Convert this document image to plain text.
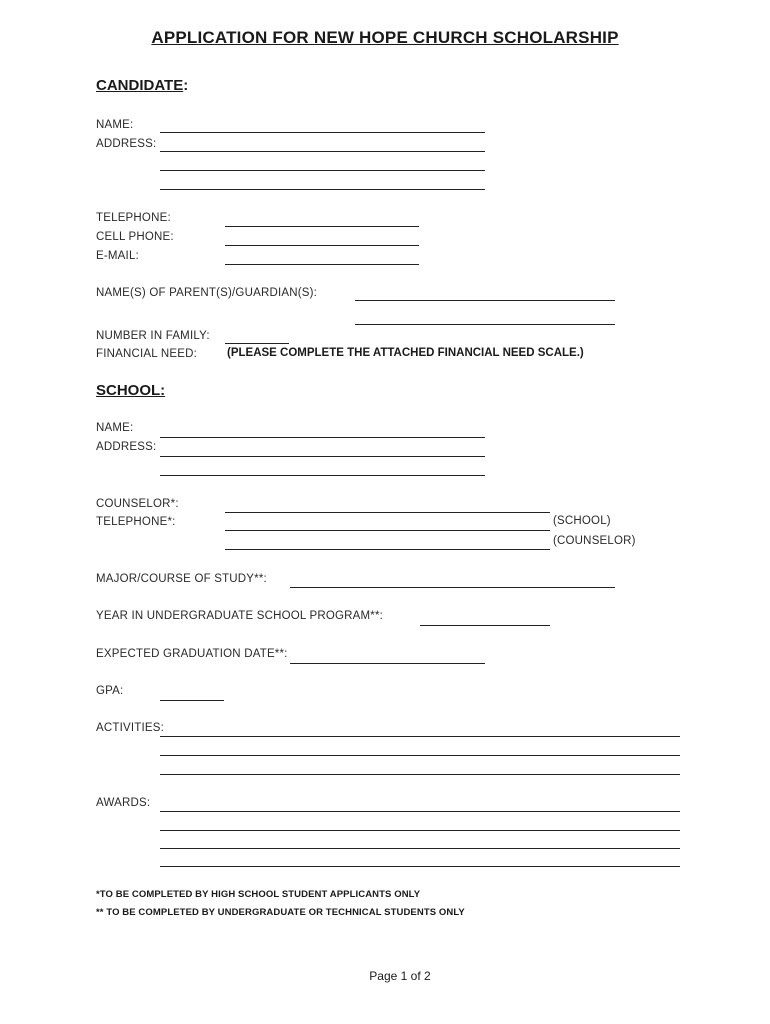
APPLICATION FOR NEW HOPE CHURCH SCHOLARSHIP
CANDIDATE:
NAME:
ADDRESS:
TELEPHONE:
CELL PHONE:
E-MAIL:
NAME(S) OF PARENT(S)/GUARDIAN(S):
NUMBER IN FAMILY:
FINANCIAL NEED:	(PLEASE COMPLETE THE ATTACHED FINANCIAL NEED SCALE.)
SCHOOL:
NAME:
ADDRESS:
COUNSELOR*:
TELEPHONE*:	(SCHOOL)
(COUNSELOR)
MAJOR/COURSE OF STUDY**:
YEAR IN UNDERGRADUATE SCHOOL PROGRAM**:
EXPECTED GRADUATION DATE**:
GPA:
ACTIVITIES:
AWARDS:
*TO BE COMPLETED BY HIGH SCHOOL STUDENT APPLICANTS ONLY
** TO BE COMPLETED BY UNDERGRADUATE OR TECHNICAL STUDENTS ONLY
Page 1 of 2
